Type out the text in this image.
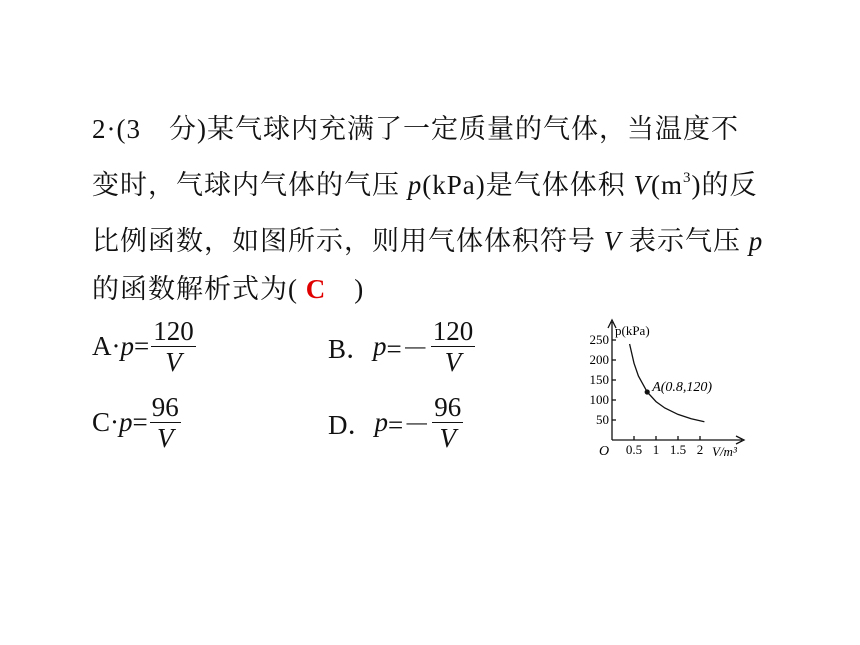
2·(3　分)某气球内充满了一定质量的气体，当温度不
变时，气球内气体的气压 p(kPa)是气体体积 $V(m^3)$的反
比例函数，如图所示，则用气体体积符号 V 表示气压 p
的函数解析式为( C　)
$A\cdot p = \frac{120}{V}$	B． $p =- \frac{120}{V}$
$C\cdot p = \frac{96}{V}$	D． $p =- \frac{96}{V}$
250
200
150
100
50
0.5 1 1.5 2
A(0.8,120)
p(kPa)
V/m³
O
